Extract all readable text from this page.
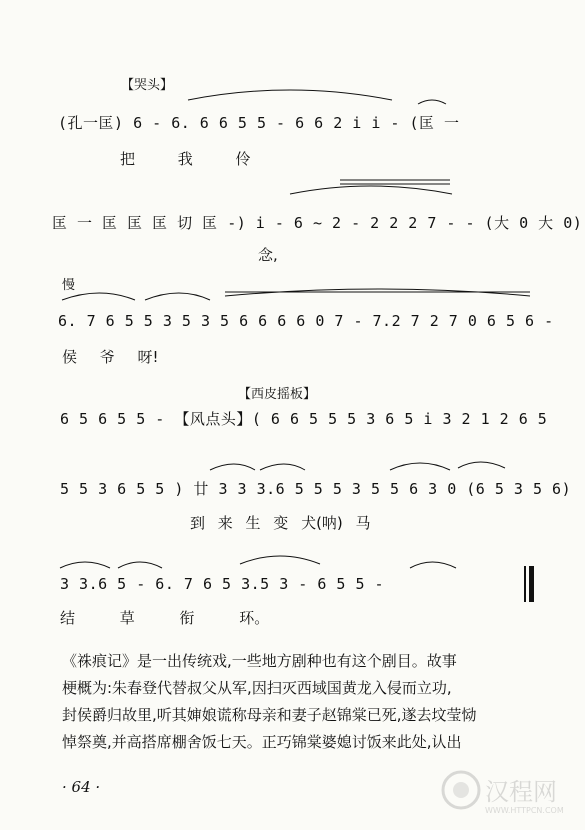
【哭头】
(孔一匡) 6 - 6. 6 6 5 5 - 6 6 2 i i - (匡 一
把 我 伶
匡 一 匡 匡 匡 切 匡 -) i - 6 ~ 2 - 2 2 2 7 - - (大 0 大 0)
念,
慢
6. 7 6 5 5 3 5 3 5 6 6 6 6 0 7 - 7.2 7 2 7 0 6 5 6 -
侯 爷 呀!
【西皮摇板】
6 5 6 5 5 - 【风点头】( 6 6 5 5 5 3 6 5 i 3 2 1 2 6 5
5 5 3 6 5 5 ) 廿 3 3 3.6 5 5 5 3 5 5 6 3 0 (6 5 3 5 6)
到 来 生 变 犬(呐) 马
3 3.6 5 - 6. 7 6 5 3.5 3 - 6 5 5 -
结 草 衔 环。
《祩痕记》是一出传统戏,一些地方剧种也有这个剧目。故事
梗概为:朱春登代替叔父从军,因扫灭西域国黄龙入侵而立功,
封侯爵归故里,听其婶娘谎称母亲和妻子赵锦棠已死,遂去坟莹恸
悼祭奠,并高搭席棚舍饭七天。正巧锦棠婆媳讨饭来此处,认出
· 64 ·	汉程网
WWW.HTTPCN.COM
